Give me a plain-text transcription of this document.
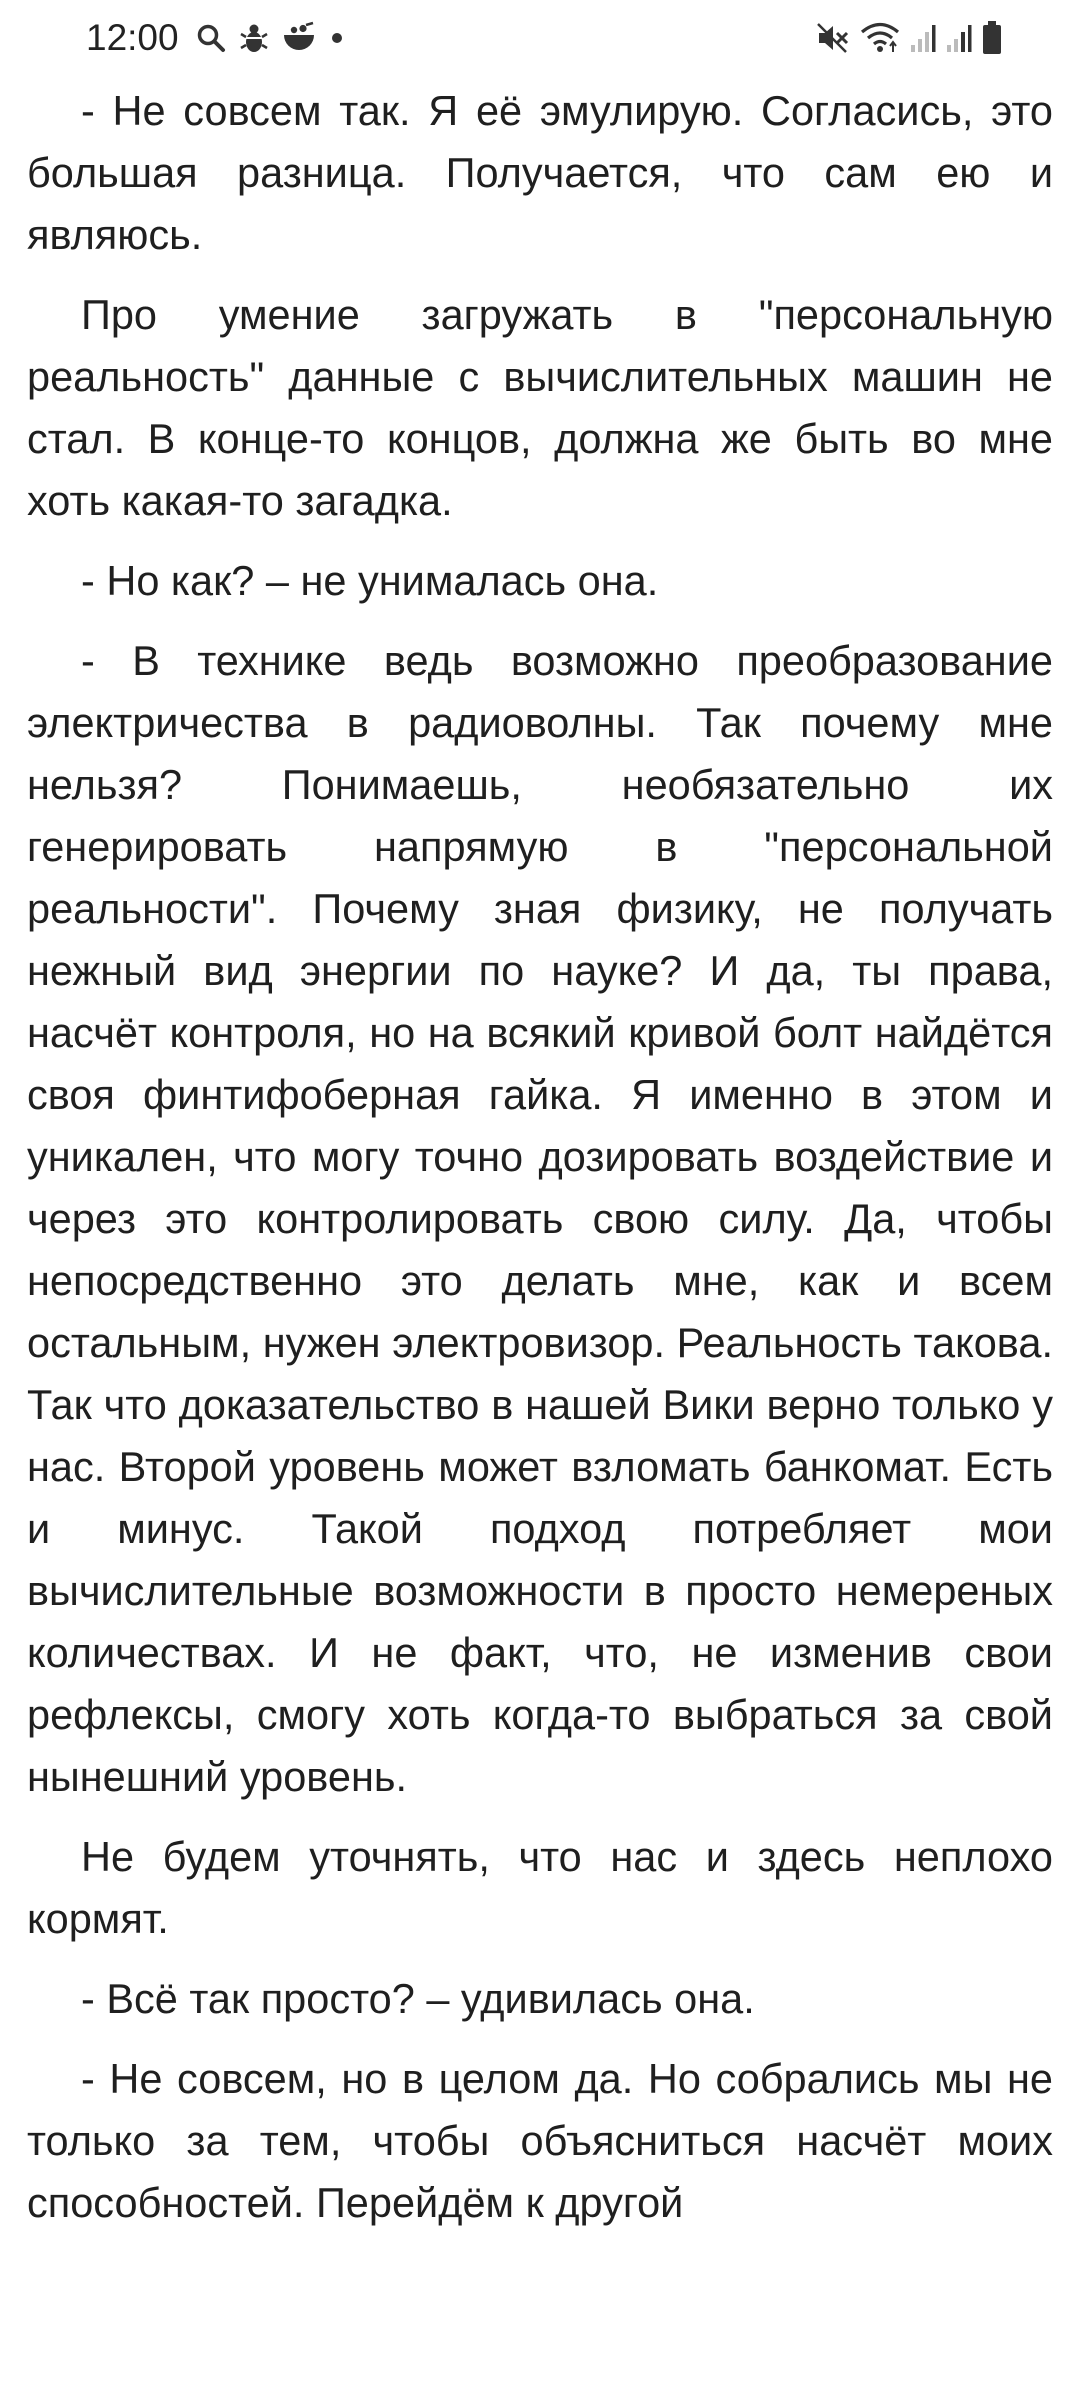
12:00

- Не совсем так. Я её эмулирую. Согласись, это большая разница. Получается, что сам ею и являюсь.

Про умение загружать в "персональную реальность" данные с вычислительных машин не стал. В конце-то концов, должна же быть во мне хоть какая-то загадка.

- Но как? – не унималась она.

- В технике ведь возможно преобразование электричества в радиоволны. Так почему мне нельзя? Понимаешь, необязательно их генерировать напрямую в "персональной реальности". Почему зная физику, не получать нежный вид энергии по науке? И да, ты права, насчёт контроля, но на всякий кривой болт найдётся своя финтифоберная гайка. Я именно в этом и уникален, что могу точно дозировать воздействие и через это контролировать свою силу. Да, чтобы непосредственно это делать мне, как и всем остальным, нужен электровизор. Реальность такова. Так что доказательство в нашей Вики верно только у нас. Второй уровень может взломать банкомат. Есть и минус. Такой подход потребляет мои вычислительные возможности в просто немереных количествах. И не факт, что, не изменив свои рефлексы, смогу хоть когда-то выбраться за свой нынешний уровень.

Не будем уточнять, что нас и здесь неплохо кормят.

- Всё так просто? – удивилась она.

- Не совсем, но в целом да. Но собрались мы не только за тем, чтобы объясниться насчёт моих способностей. Перейдём к другой
